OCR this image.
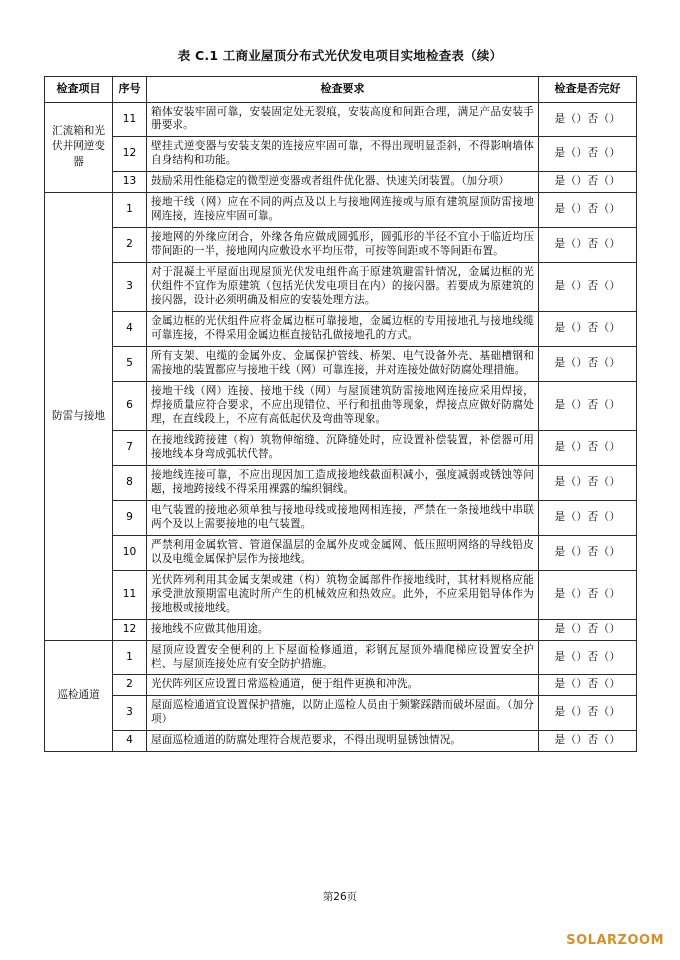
表 C.1 工商业屋顶分布式光伏发电项目实地检查表（续）
检查项目	序号	检查要求	检查是否完好
汇流箱和光伏并网逆变器	11	箱体安装牢固可靠，安装固定处无裂痕，安装高度和间距合理，满足产品安装手册要求。	是（）否（）
	12	壁挂式逆变器与安装支架的连接应牢固可靠，不得出现明显歪斜，不得影响墙体自身结构和功能。	是（）否（）
	13	鼓励采用性能稳定的微型逆变器或者组件优化器、快速关闭装置。（加分项）	是（）否（）
防雷与接地	1	接地干线（网）应在不同的两点及以上与接地网连接或与原有建筑屋顶防雷接地网连接，连接应牢固可靠。	是（）否（）
	2	接地网的外缘应闭合，外缘各角应做成圆弧形，圆弧形的半径不宜小于临近均压带间距的一半，接地网内应敷设水平均压带，可按等间距或不等间距布置。	是（）否（）
	3	对于混凝土平屋面出现屋顶光伏发电组件高于原建筑避雷针情况，金属边框的光伏组件不宜作为原建筑（包括光伏发电项目在内）的接闪器。若要成为原建筑的接闪器，设计必须明确及相应的安装处理方法。	是（）否（）
	4	金属边框的光伏组件应将金属边框可靠接地，金属边框的专用接地孔与接地线缆可靠连接，不得采用金属边框直接钻孔做接地孔的方式。	是（）否（）
	5	所有支架、电缆的金属外皮、金属保护管线、桥架、电气设备外壳、基础槽钢和需接地的装置都应与接地干线（网）可靠连接，并对连接处做好防腐处理措施。	是（）否（）
	6	接地干线（网）连接、接地干线（网）与屋顶建筑防雷接地网连接应采用焊接，焊接质量应符合要求，不应出现错位、平行和扭曲等现象，焊接点应做好防腐处理，在直线段上，不应有高低起伏及弯曲等现象。	是（）否（）
	7	在接地线跨接建（构）筑物伸缩缝、沉降缝处时，应设置补偿装置，补偿器可用接地线本身弯成弧状代替。	是（）否（）
	8	接地线连接可靠，不应出现因加工造成接地线截面积减小，强度减弱或锈蚀等问题，接地跨接线不得采用裸露的编织铜线。	是（）否（）
	9	电气装置的接地必须单独与接地母线或接地网相连接，严禁在一条接地线中串联两个及以上需要接地的电气装置。	是（）否（）
	10	严禁利用金属软管、管道保温层的金属外皮或金属网、低压照明网络的导线铅皮以及电缆金属保护层作为接地线。	是（）否（）
	11	光伏阵列利用其金属支架或建（构）筑物金属部件作接地线时，其材料规格应能承受泄放预期雷电流时所产生的机械效应和热效应。此外，不应采用铝导体作为接地极或接地线。	是（）否（）
	12	接地线不应做其他用途。	是（）否（）
巡检通道	1	屋顶应设置安全便利的上下屋面检修通道，彩钢瓦屋顶外墙爬梯应设置安全护栏、与屋顶连接处应有安全防护措施。	是（）否（）
	2	光伏阵列区应设置日常巡检通道，便于组件更换和冲洗。	是（）否（）
	3	屋面巡检通道宜设置保护措施，以防止巡检人员由于频繁踩踏而破坏屋面。（加分项）	是（）否（）
	4	屋面巡检通道的防腐处理符合规范要求，不得出现明显锈蚀情况。	是（）否（）
第26页
SOLARZOOM
